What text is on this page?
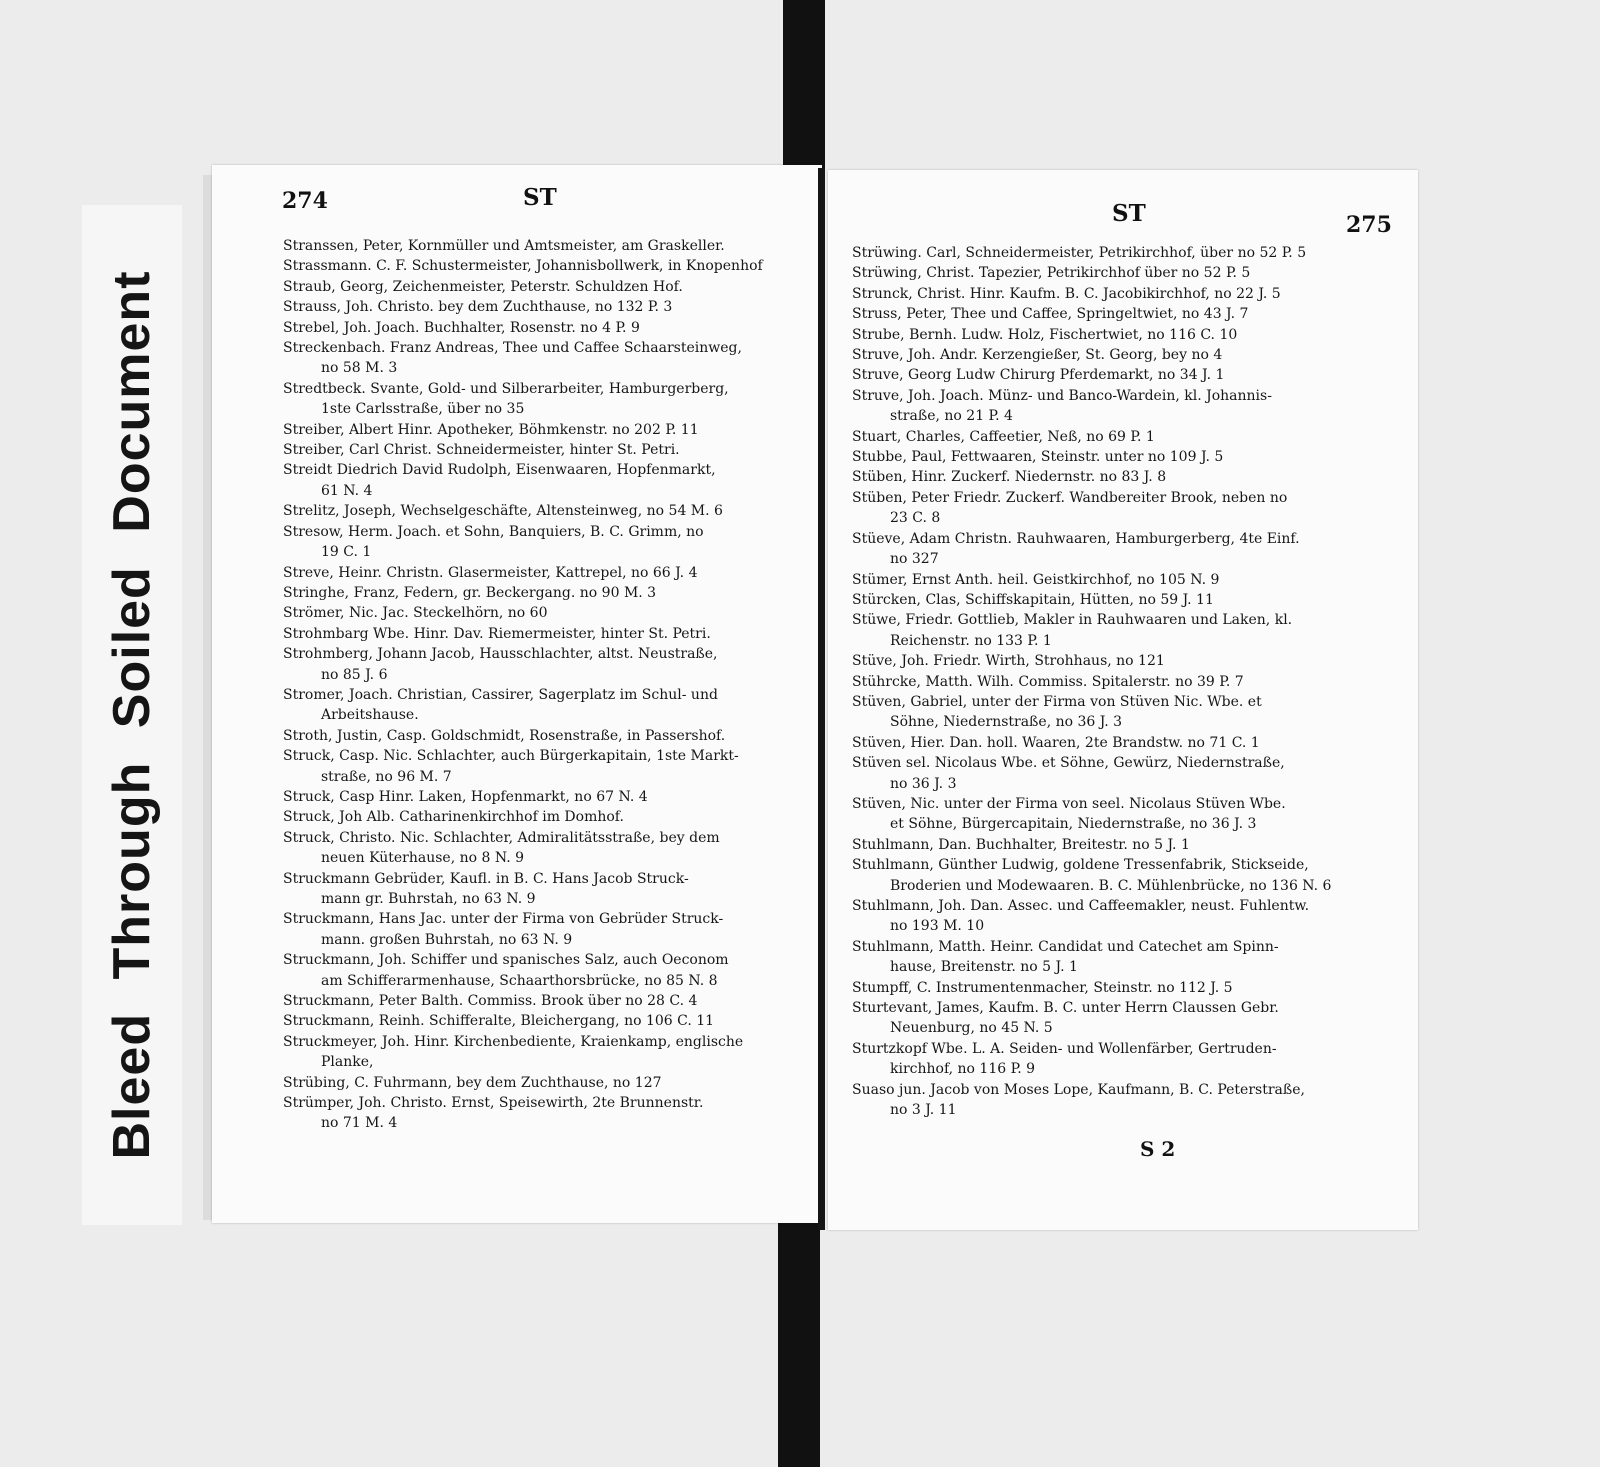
Bleed Through Soiled Document
274	ST
ST	275
Stranssen, Peter, Kornmüller und Amtsmeister, am Graskeller.
Strassmann. C. F. Schustermeister, Johannisbollwerk, in Knopenhof
Straub, Georg, Zeichenmeister, Peterstr. Schuldzen Hof.
Strauss, Joh. Christo. bey dem Zuchthause, no 132 P. 3
Strebel, Joh. Joach. Buchhalter, Rosenstr. no 4 P. 9
Streckenbach. Franz Andreas, Thee und Caffee Schaarsteinweg,
no 58 M. 3
Stredtbeck. Svante, Gold- und Silberarbeiter, Hamburgerberg,
1ste Carlsstraße, über no 35
Streiber, Albert Hinr. Apotheker, Böhmkenstr. no 202 P. 11
Streiber, Carl Christ. Schneidermeister, hinter St. Petri.
Streidt Diedrich David Rudolph, Eisenwaaren, Hopfenmarkt,
61 N. 4
Strelitz, Joseph, Wechselgeschäfte, Altensteinweg, no 54 M. 6
Stresow, Herm. Joach. et Sohn, Banquiers, B. C. Grimm, no
19 C. 1
Streve, Heinr. Christn. Glasermeister, Kattrepel, no 66 J. 4
Stringhe, Franz, Federn, gr. Beckergang. no 90 M. 3
Strömer, Nic. Jac. Steckelhörn, no 60
Strohmbarg Wbe. Hinr. Dav. Riemermeister, hinter St. Petri.
Strohmberg, Johann Jacob, Hausschlachter, altst. Neustraße,
no 85 J. 6
Stromer, Joach. Christian, Cassirer, Sagerplatz im Schul- und
Arbeitshause.
Stroth, Justin, Casp. Goldschmidt, Rosenstraße, in Passershof.
Struck, Casp. Nic. Schlachter, auch Bürgerkapitain, 1ste Markt-
straße, no 96 M. 7
Struck, Casp Hinr. Laken, Hopfenmarkt, no 67 N. 4
Struck, Joh Alb. Catharinenkirchhof im Domhof.
Struck, Christo. Nic. Schlachter, Admiralitätsstraße, bey dem
neuen Küterhause, no 8 N. 9
Struckmann Gebrüder, Kaufl. in B. C. Hans Jacob Struck-
mann gr. Buhrstah, no 63 N. 9
Struckmann, Hans Jac. unter der Firma von Gebrüder Struck-
mann. großen Buhrstah, no 63 N. 9
Struckmann, Joh. Schiffer und spanisches Salz, auch Oeconom
am Schifferarmenhause, Schaarthorsbrücke, no 85 N. 8
Struckmann, Peter Balth. Commiss. Brook über no 28 C. 4
Struckmann, Reinh. Schifferalte, Bleichergang, no 106 C. 11
Struckmeyer, Joh. Hinr. Kirchenbediente, Kraienkamp, englische
Planke,
Strübing, C. Fuhrmann, bey dem Zuchthause, no 127
Strümper, Joh. Christo. Ernst, Speisewirth, 2te Brunnenstr.
no 71 M. 4
Strüwing. Carl, Schneidermeister, Petrikirchhof, über no 52 P. 5
Strüwing, Christ. Tapezier, Petrikirchhof über no 52 P. 5
Strunck, Christ. Hinr. Kaufm. B. C. Jacobikirchhof, no 22 J. 5
Struss, Peter, Thee und Caffee, Springeltwiet, no 43 J. 7
Strube, Bernh. Ludw. Holz, Fischertwiet, no 116 C. 10
Struve, Joh. Andr. Kerzengießer, St. Georg, bey no 4
Struve, Georg Ludw Chirurg Pferdemarkt, no 34 J. 1
Struve, Joh. Joach. Münz- und Banco-Wardein, kl. Johannis-
straße, no 21 P. 4
Stuart, Charles, Caffeetier, Neß, no 69 P. 1
Stubbe, Paul, Fettwaaren, Steinstr. unter no 109 J. 5
Stüben, Hinr. Zuckerf. Niedernstr. no 83 J. 8
Stüben, Peter Friedr. Zuckerf. Wandbereiter Brook, neben no
23 C. 8
Stüeve, Adam Christn. Rauhwaaren, Hamburgerberg, 4te Einf.
no 327
Stümer, Ernst Anth. heil. Geistkirchhof, no 105 N. 9
Stürcken, Clas, Schiffskapitain, Hütten, no 59 J. 11
Stüwe, Friedr. Gottlieb, Makler in Rauhwaaren und Laken, kl.
Reichenstr. no 133 P. 1
Stüve, Joh. Friedr. Wirth, Strohhaus, no 121
Stührcke, Matth. Wilh. Commiss. Spitalerstr. no 39 P. 7
Stüven, Gabriel, unter der Firma von Stüven Nic. Wbe. et
Söhne, Niedernstraße, no 36 J. 3
Stüven, Hier. Dan. holl. Waaren, 2te Brandstw. no 71 C. 1
Stüven sel. Nicolaus Wbe. et Söhne, Gewürz, Niedernstraße,
no 36 J. 3
Stüven, Nic. unter der Firma von seel. Nicolaus Stüven Wbe.
et Söhne, Bürgercapitain, Niedernstraße, no 36 J. 3
Stuhlmann, Dan. Buchhalter, Breitestr. no 5 J. 1
Stuhlmann, Günther Ludwig, goldene Tressenfabrik, Stickseide,
Broderien und Modewaaren. B. C. Mühlenbrücke, no 136 N. 6
Stuhlmann, Joh. Dan. Assec. und Caffeemakler, neust. Fuhlentw.
no 193 M. 10
Stuhlmann, Matth. Heinr. Candidat und Catechet am Spinn-
hause, Breitenstr. no 5 J. 1
Stumpff, C. Instrumentenmacher, Steinstr. no 112 J. 5
Sturtevant, James, Kaufm. B. C. unter Herrn Claussen Gebr.
Neuenburg, no 45 N. 5
Sturtzkopf Wbe. L. A. Seiden- und Wollenfärber, Gertruden-
kirchhof, no 116 P. 9
Suaso jun. Jacob von Moses Lope, Kaufmann, B. C. Peterstraße,
no 3 J. 11
S 2
